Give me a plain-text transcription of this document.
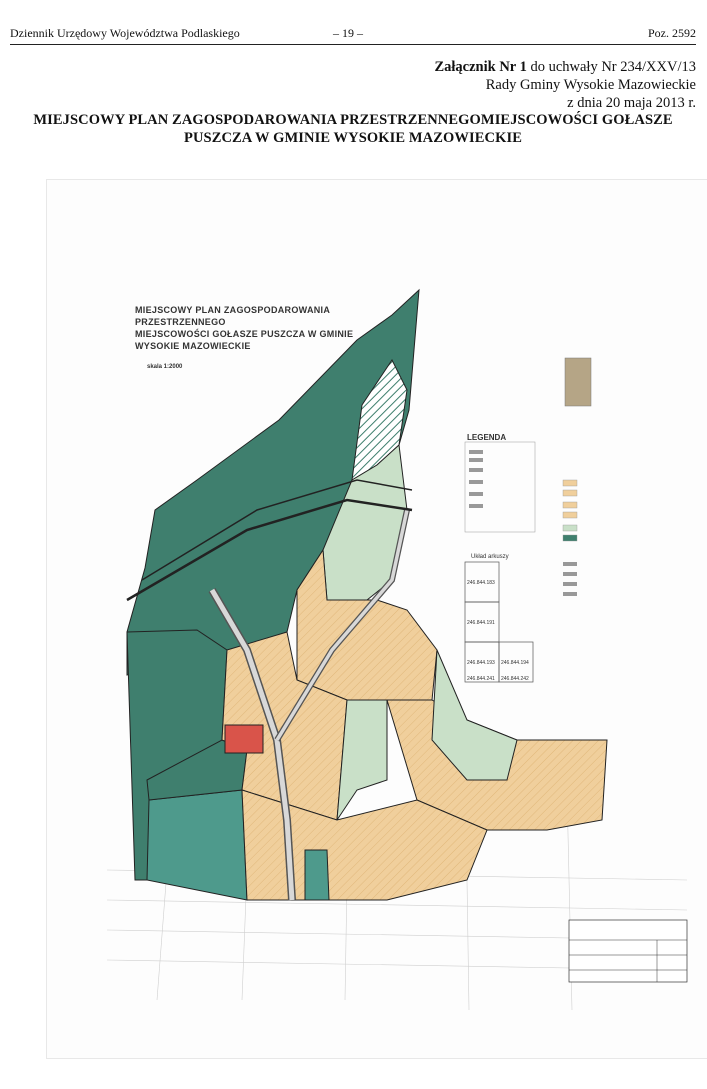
Dziennik Urzędowy Województwa Podlaskiego	– 19 –	Poz. 2592
Załącznik Nr 1 do uchwały Nr 234/XXV/13
Rady Gminy Wysokie Mazowieckie
z dnia 20 maja 2013 r.
MIEJSCOWY PLAN ZAGOSPODAROWANIA PRZESTRZENNEGOMIEJSCOWOŚCI GOŁASZE
PUSZCZA W GMINIE WYSOKIE MAZOWIECKIE
MIEJSCOWY PLAN ZAGOSPODAROWANIA
PRZESTRZENNEGO
MIEJSCOWOŚCI GOŁASZE PUSZCZA W GMINIE
WYSOKIE MAZOWIECKIE
skala 1:2000
LEGENDA
Układ arkuszy
246.844.183
246.844.191
246.844.193 246.844.194
246.844.241 246.844.242
